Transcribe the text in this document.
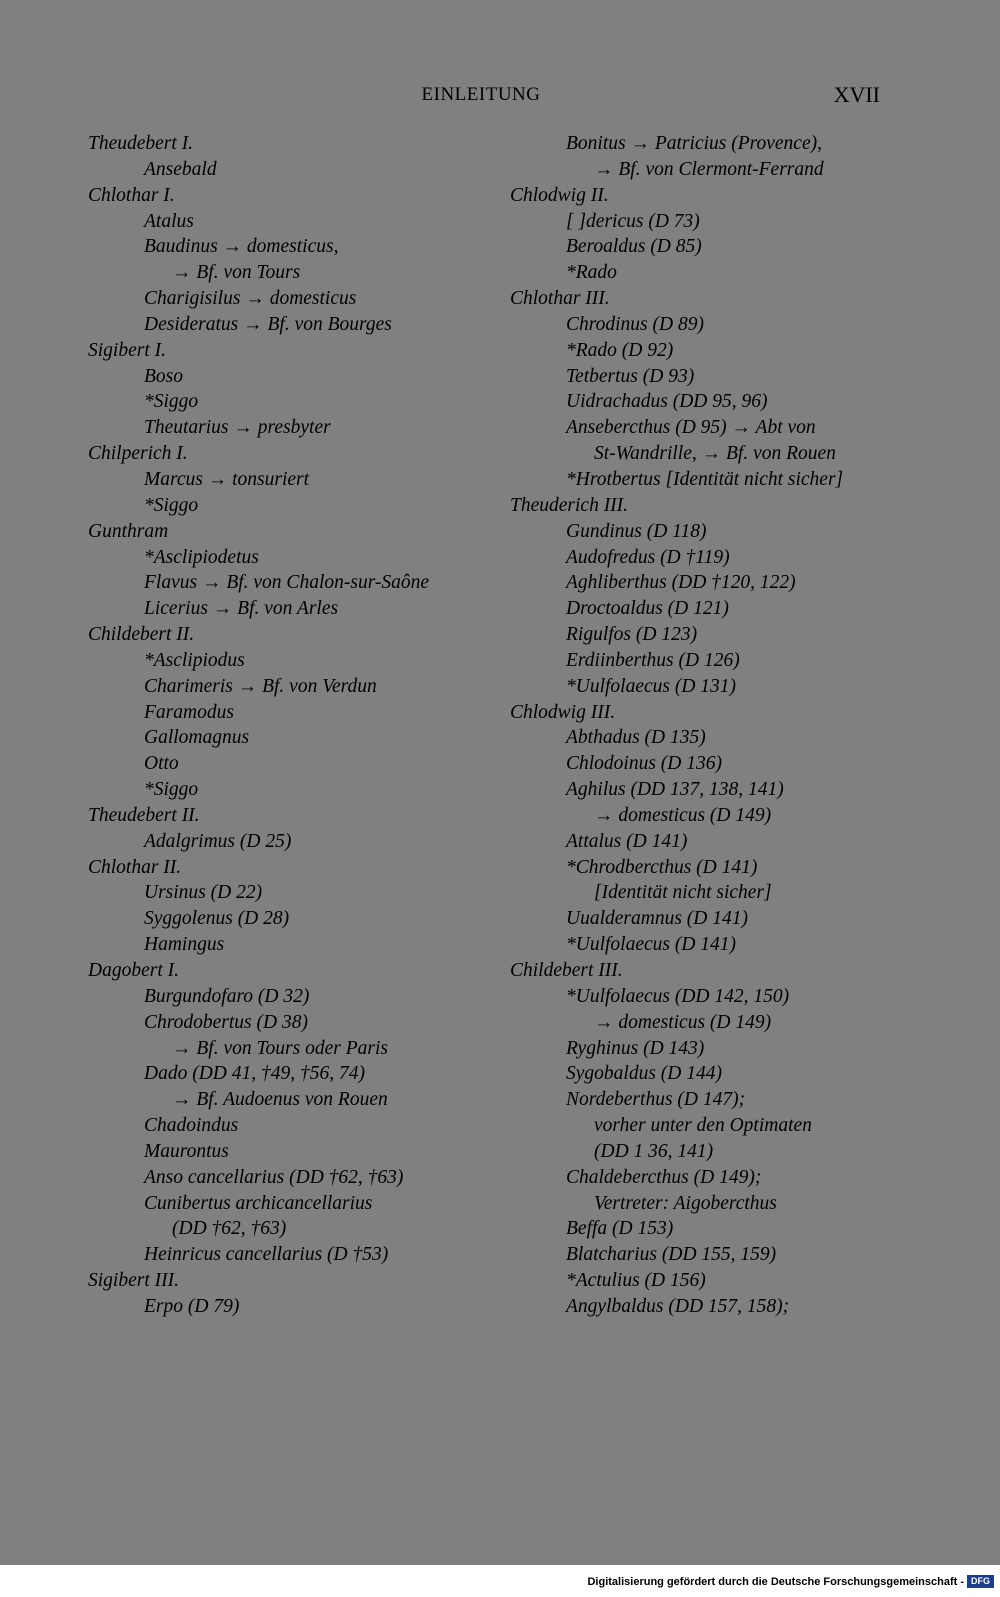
EINLEITUNG	XVII
Theudebert I.
Ansebald
Chlothar I.
Atalus
Baudinus → domesticus,
→ Bf. von Tours
Charigisilus → domesticus
Desideratus → Bf. von Bourges
Sigibert I.
Boso
*Siggo
Theutarius → presbyter
Chilperich I.
Marcus → tonsuriert
*Siggo
Gunthram
*Asclipiodetus
Flavus → Bf. von Chalon-sur-Saône
Licerius → Bf. von Arles
Childebert II.
*Asclipiodus
Charimeris → Bf. von Verdun
Faramodus
Gallomagnus
Otto
*Siggo
Theudebert II.
Adalgrimus (D 25)
Chlothar II.
Ursinus (D 22)
Syggolenus (D 28)
Hamingus
Dagobert I.
Burgundofaro (D 32)
Chrodobertus (D 38)
→ Bf. von Tours oder Paris
Dado (DD 41, †49, †56, 74)
→ Bf. Audoenus von Rouen
Chadoindus
Maurontus
Anso cancellarius (DD †62, †63)
Cunibertus archicancellarius
(DD †62, †63)
Heinricus cancellarius (D †53)
Sigibert III.
Erpo (D 79)
Bonitus → Patricius (Provence),
→ Bf. von Clermont-Ferrand
Chlodwig II.
[ ]dericus (D 73)
Beroaldus (D 85)
*Rado
Chlothar III.
Chrodinus (D 89)
*Rado (D 92)
Tetbertus (D 93)
Uidrachadus (DD 95, 96)
Ansebercthus (D 95) → Abt von
St-Wandrille, → Bf. von Rouen
*Hrotbertus [Identität nicht sicher]
Theuderich III.
Gundinus (D 118)
Audofredus (D †119)
Aghliberthus (DD †120, 122)
Droctoaldus (D 121)
Rigulfos (D 123)
Erdiinberthus (D 126)
*Uulfolaecus (D 131)
Chlodwig III.
Abthadus (D 135)
Chlodoinus (D 136)
Aghilus (DD 137, 138, 141)
→ domesticus (D 149)
Attalus (D 141)
*Chrodbercthus (D 141)
[Identität nicht sicher]
Uualderamnus (D 141)
*Uulfolaecus (D 141)
Childebert III.
*Uulfolaecus (DD 142, 150)
→ domesticus (D 149)
Ryghinus (D 143)
Sygobaldus (D 144)
Nordeberthus (D 147);
vorher unter den Optimaten
(DD 1 36, 141)
Chaldebercthus (D 149);
Vertreter: Aigobercthus
Beffa (D 153)
Blatcharius (DD 155, 159)
*Actulius (D 156)
Angylbaldus (DD 157, 158);
Digitalisierung gefördert durch die Deutsche Forschungsgemeinschaft - DFG
